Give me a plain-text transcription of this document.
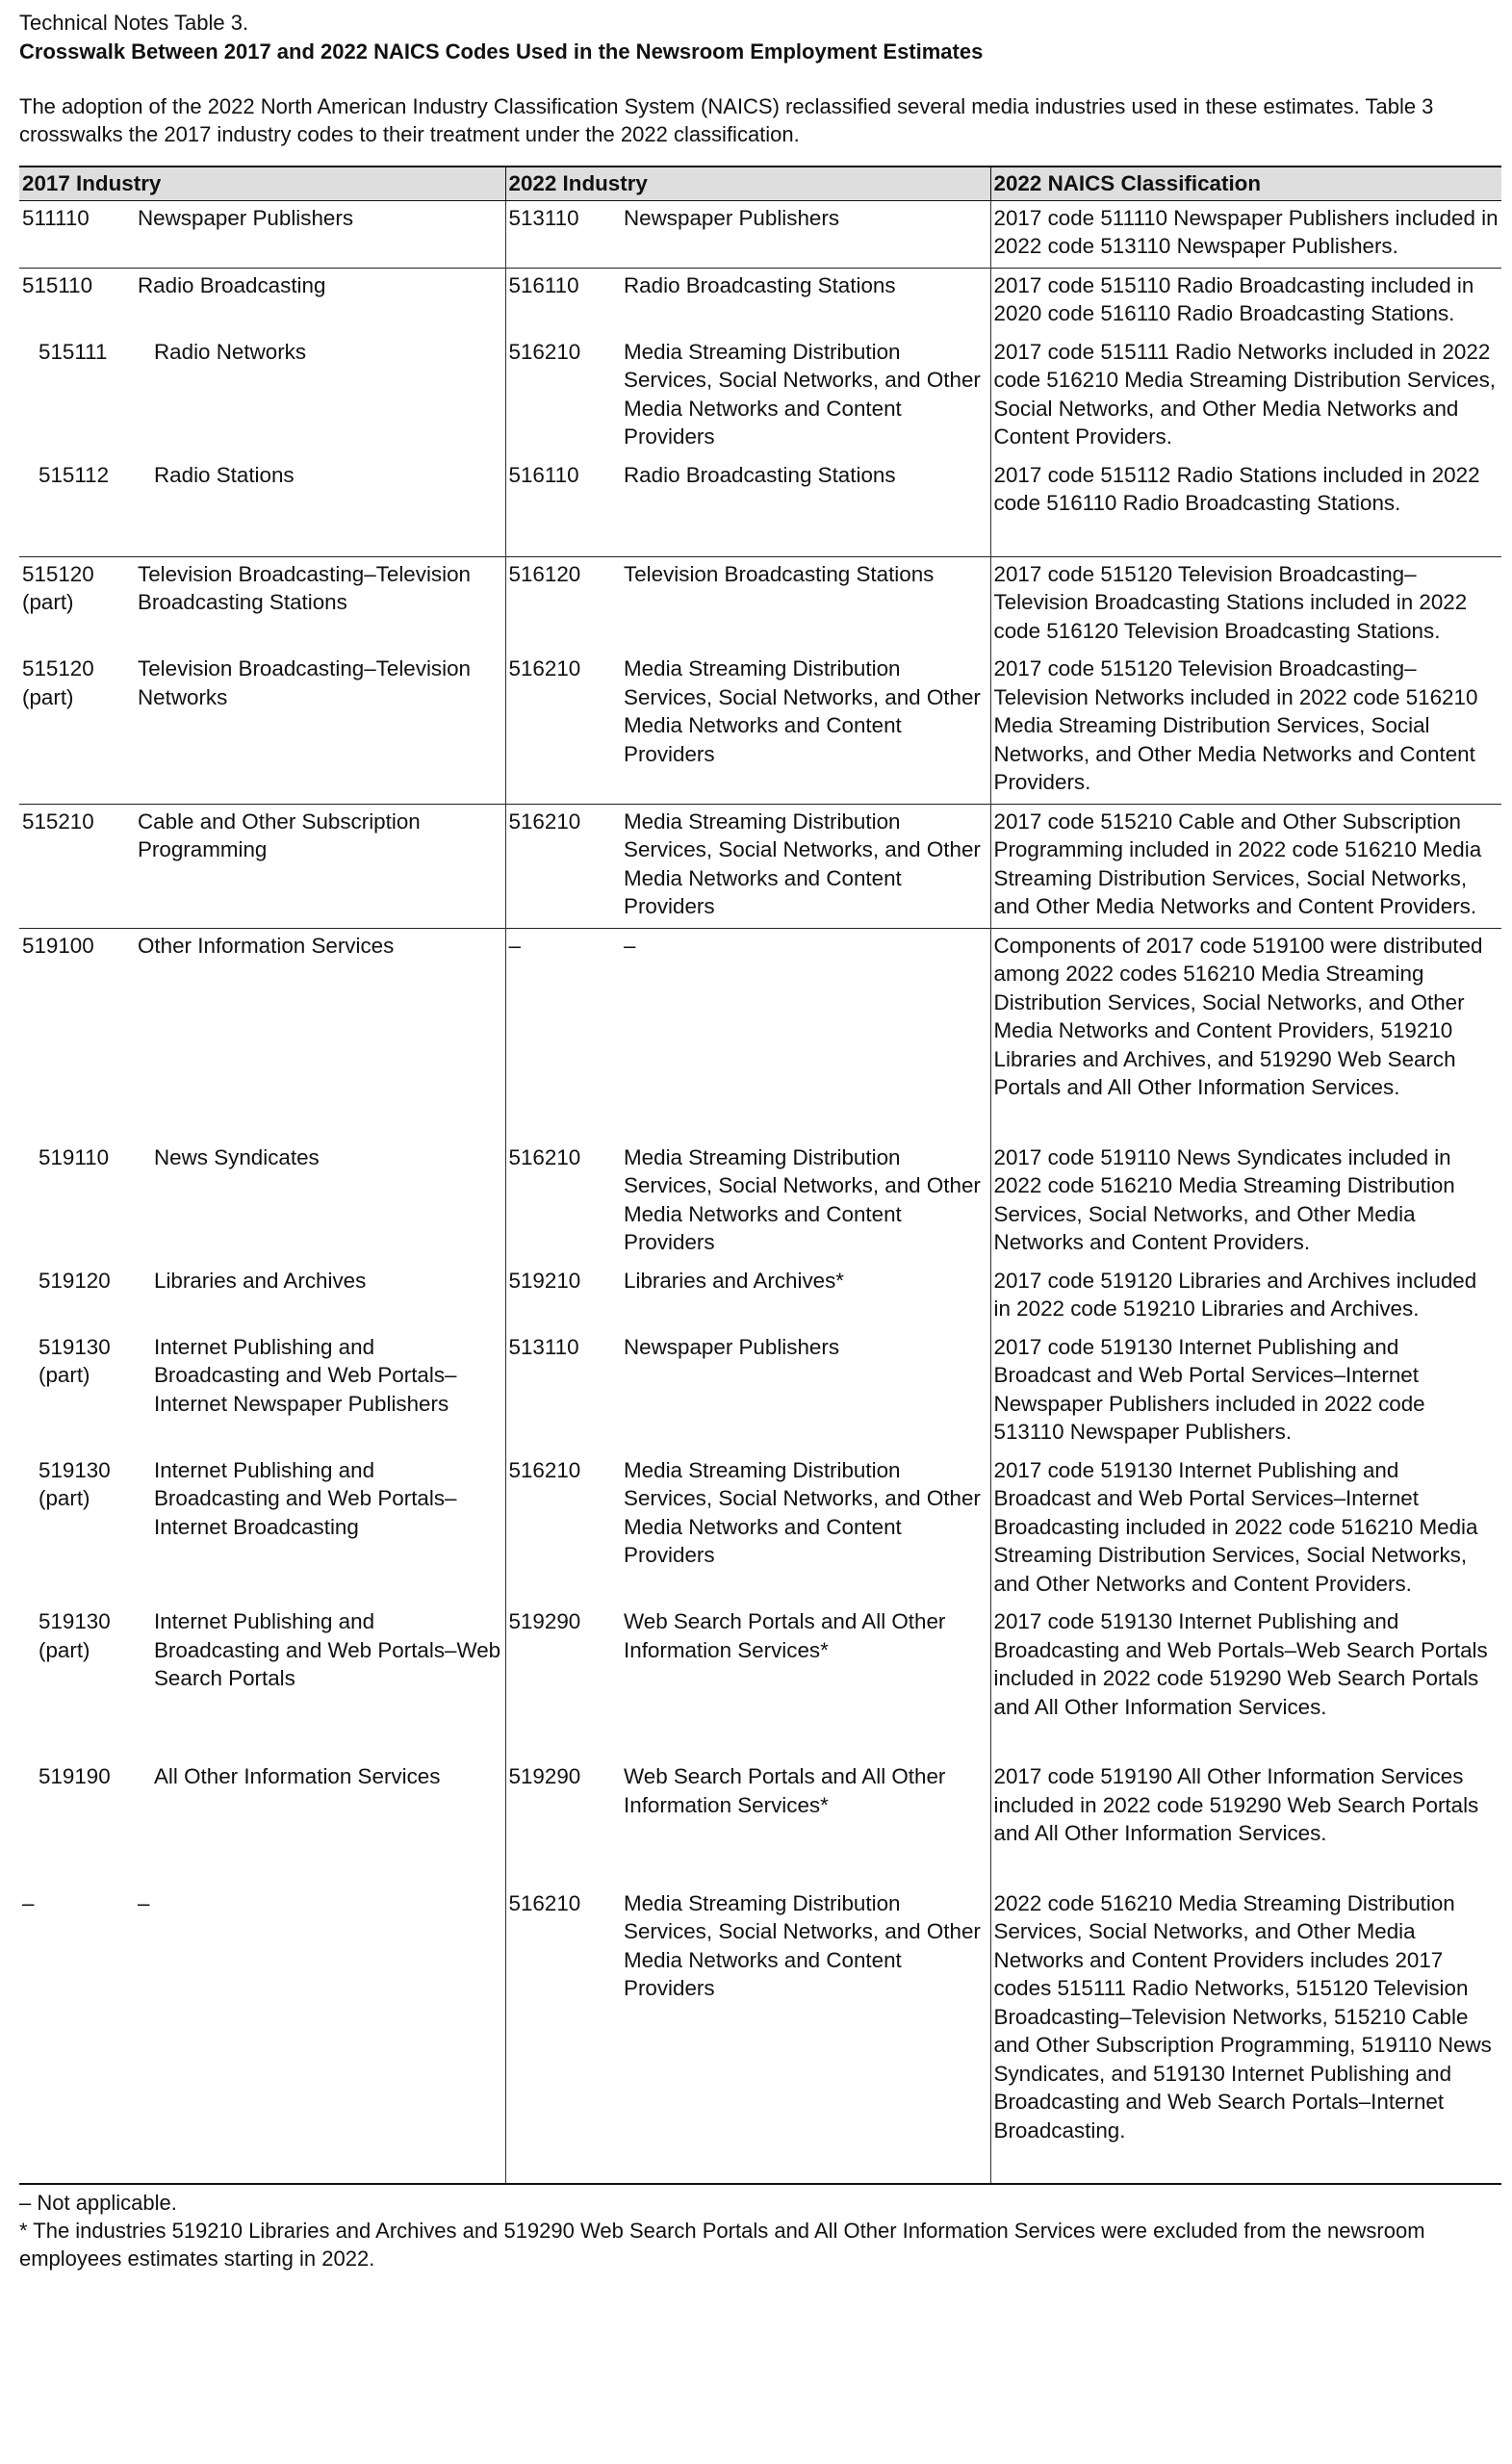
Technical Notes Table 3.

Crosswalk Between 2017 and 2022 NAICS Codes Used in the Newsroom Employment Estimates

The adoption of the 2022 North American Industry Classification System (NAICS) reclassified several media industries used in these estimates. Table 3 crosswalks the 2017 industry codes to their treatment under the 2022 classification.

2017 Industry		2022 Industry		2022 NAICS Classification
511110	Newspaper Publishers	513110	Newspaper Publishers	2017 code 511110 Newspaper Publishers included in 2022 code 513110 Newspaper Publishers.
515110	Radio Broadcasting	516110	Radio Broadcasting Stations	2017 code 515110 Radio Broadcasting included in 2020 code 516110 Radio Broadcasting Stations.
515111	Radio Networks	516210	Media Streaming Distribution Services, Social Networks, and Other Media Networks and Content Providers	2017 code 515111 Radio Networks included in 2022 code 516210 Media Streaming Distribution Services, Social Networks, and Other Media Networks and Content Providers.
515112	Radio Stations	516110	Radio Broadcasting Stations	2017 code 515112 Radio Stations included in 2022 code 516110 Radio Broadcasting Stations.
515120 (part)	Television Broadcasting–Television Broadcasting Stations	516120	Television Broadcasting Stations	2017 code 515120 Television Broadcasting–Television Broadcasting Stations included in 2022 code 516120 Television Broadcasting Stations.
515120 (part)	Television Broadcasting–Television Networks	516210	Media Streaming Distribution Services, Social Networks, and Other Media Networks and Content Providers	2017 code 515120 Television Broadcasting–Television Networks included in 2022 code 516210 Media Streaming Distribution Services, Social Networks, and Other Media Networks and Content Providers.
515210	Cable and Other Subscription Programming	516210	Media Streaming Distribution Services, Social Networks, and Other Media Networks and Content Providers	2017 code 515210 Cable and Other Subscription Programming included in 2022 code 516210 Media Streaming Distribution Services, Social Networks, and Other Media Networks and Content Providers.
519100	Other Information Services	–	–	Components of 2017 code 519100 were distributed among 2022 codes 516210 Media Streaming Distribution Services, Social Networks, and Other Media Networks and Content Providers, 519210 Libraries and Archives, and 519290 Web Search Portals and All Other Information Services.
519110	News Syndicates	516210	Media Streaming Distribution Services, Social Networks, and Other Media Networks and Content Providers	2017 code 519110 News Syndicates included in 2022 code 516210 Media Streaming Distribution Services, Social Networks, and Other Media Networks and Content Providers.
519120	Libraries and Archives	519210	Libraries and Archives*	2017 code 519120 Libraries and Archives included in 2022 code 519210 Libraries and Archives.
519130 (part)	Internet Publishing and Broadcasting and Web Portals–Internet Newspaper Publishers	513110	Newspaper Publishers	2017 code 519130 Internet Publishing and Broadcast and Web Portal Services–Internet Newspaper Publishers included in 2022 code 513110 Newspaper Publishers.
519130 (part)	Internet Publishing and Broadcasting and Web Portals–Internet Broadcasting	516210	Media Streaming Distribution Services, Social Networks, and Other Media Networks and Content Providers	2017 code 519130 Internet Publishing and Broadcast and Web Portal Services–Internet Broadcasting included in 2022 code 516210 Media Streaming Distribution Services, Social Networks, and Other Networks and Content Providers.
519130 (part)	Internet Publishing and Broadcasting and Web Portals–Web Search Portals	519290	Web Search Portals and All Other Information Services*	2017 code 519130 Internet Publishing and Broadcasting and Web Portals–Web Search Portals included in 2022 code 519290 Web Search Portals and All Other Information Services.
519190	All Other Information Services	519290	Web Search Portals and All Other Information Services*	2017 code 519190 All Other Information Services included in 2022 code 519290 Web Search Portals and All Other Information Services.
–	–	516210	Media Streaming Distribution Services, Social Networks, and Other Media Networks and Content Providers	2022 code 516210 Media Streaming Distribution Services, Social Networks, and Other Media Networks and Content Providers includes 2017 codes 515111 Radio Networks, 515120 Television Broadcasting–Television Networks, 515210 Cable and Other Subscription Programming, 519110 News Syndicates, and 519130 Internet Publishing and Broadcasting and Web Search Portals–Internet Broadcasting.

– Not applicable.

* The industries 519210 Libraries and Archives and 519290 Web Search Portals and All Other Information Services were excluded from the newsroom employees estimates starting in 2022.
